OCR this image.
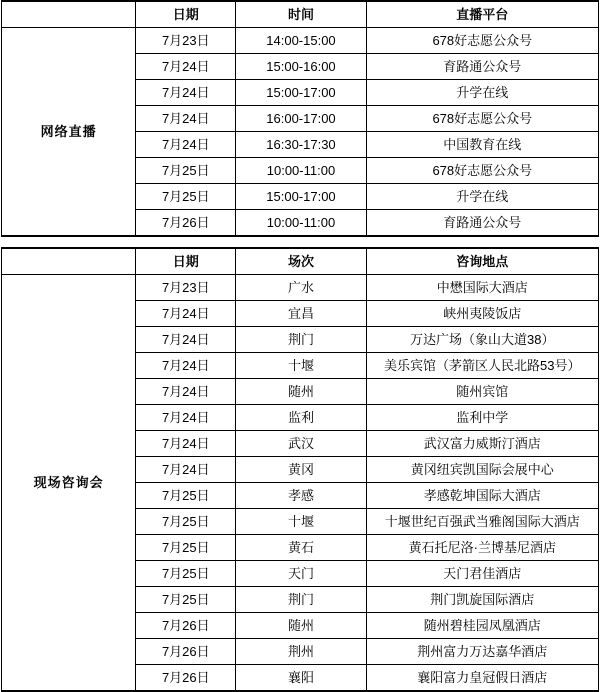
	日期	时间	直播平台
网络直播	7月23日	14:00-15:00	678好志愿公众号
	7月24日	15:00-16:00	育路通公众号
	7月24日	15:00-17:00	升学在线
	7月24日	16:00-17:00	678好志愿公众号
	7月24日	16:30-17:30	中国教育在线
	7月25日	10:00-11:00	678好志愿公众号
	7月25日	15:00-17:00	升学在线
	7月26日	10:00-11:00	育路通公众号
	日期	场次	咨询地点
现场咨询会	7月23日	广水	中懋国际大酒店
	7月24日	宜昌	峡州夷陵饭店
	7月24日	荆门	万达广场（象山大道38）
	7月24日	十堰	美乐宾馆（茅箭区人民北路53号）
	7月24日	随州	随州宾馆
	7月24日	监利	监利中学
	7月24日	武汉	武汉富力威斯汀酒店
	7月24日	黄冈	黄冈纽宾凯国际会展中心
	7月25日	孝感	孝感乾坤国际大酒店
	7月25日	十堰	十堰世纪百强武当雅阁国际大酒店
	7月25日	黄石	黄石托尼洛·兰博基尼酒店
	7月25日	天门	天门君佳酒店
	7月25日	荆门	荆门凯旋国际酒店
	7月26日	随州	随州碧桂园凤凰酒店
	7月26日	荆州	荆州富力万达嘉华酒店
	7月26日	襄阳	襄阳富力皇冠假日酒店
